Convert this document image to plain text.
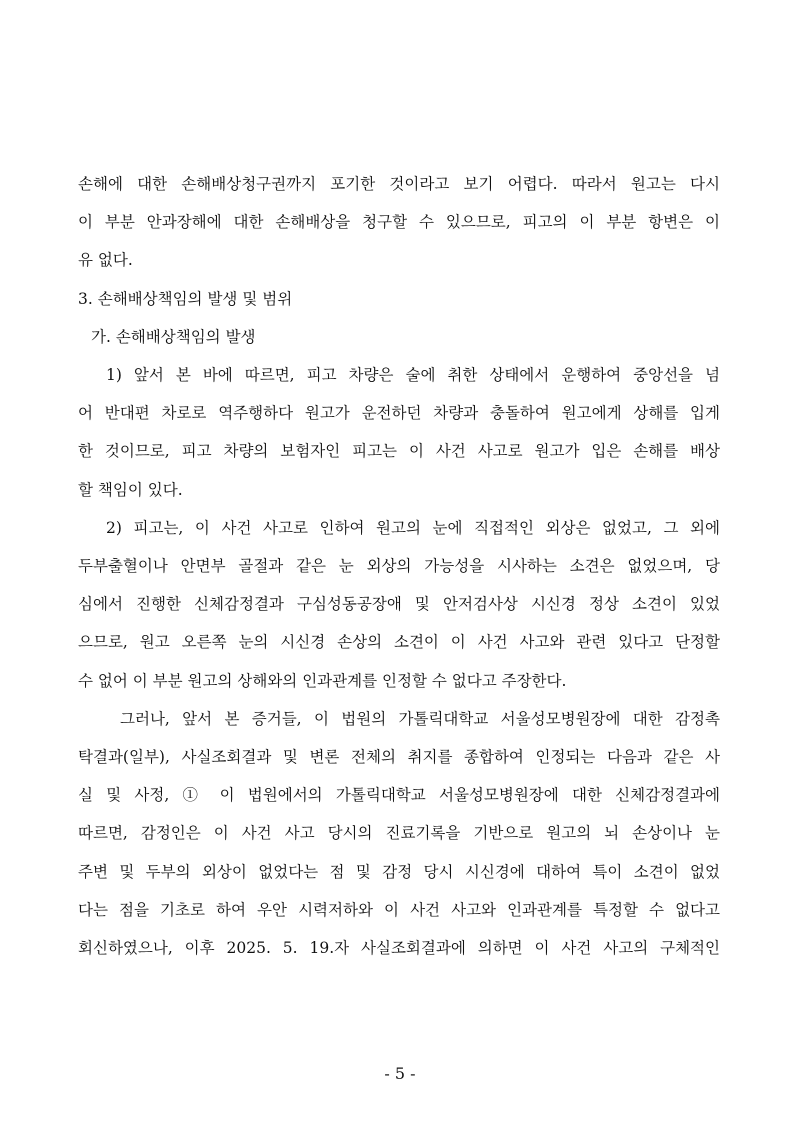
손해에 대한 손해배상청구권까지 포기한 것이라고 보기 어렵다. 따라서 원고는 다시
이 부분 안과장해에 대한 손해배상을 청구할 수 있으므로, 피고의 이 부분 항변은 이
유 없다.
3. 손해배상책임의 발생 및 범위
가. 손해배상책임의 발생
1) 앞서 본 바에 따르면, 피고 차량은 술에 취한 상태에서 운행하여 중앙선을 넘
어 반대편 차로로 역주행하다 원고가 운전하던 차량과 충돌하여 원고에게 상해를 입게
한 것이므로, 피고 차량의 보험자인 피고는 이 사건 사고로 원고가 입은 손해를 배상
할 책임이 있다.
2) 피고는, 이 사건 사고로 인하여 원고의 눈에 직접적인 외상은 없었고, 그 외에
두부출혈이나 안면부 골절과 같은 눈 외상의 가능성을 시사하는 소견은 없었으며, 당
심에서 진행한 신체감정결과 구심성동공장애 및 안저검사상 시신경 정상 소견이 있었
으므로, 원고 오른쪽 눈의 시신경 손상의 소견이 이 사건 사고와 관련 있다고 단정할
수 없어 이 부분 원고의 상해와의 인과관계를 인정할 수 없다고 주장한다.
그러나, 앞서 본 증거들, 이 법원의 가톨릭대학교 서울성모병원장에 대한 감정촉
탁결과(일부), 사실조회결과 및 변론 전체의 취지를 종합하여 인정되는 다음과 같은 사
실 및 사정, ① 이 법원에서의 가톨릭대학교 서울성모병원장에 대한 신체감정결과에
따르면, 감정인은 이 사건 사고 당시의 진료기록을 기반으로 원고의 뇌 손상이나 눈
주변 및 두부의 외상이 없었다는 점 및 감정 당시 시신경에 대하여 특이 소견이 없었
다는 점을 기초로 하여 우안 시력저하와 이 사건 사고와 인과관계를 특정할 수 없다고
회신하였으나, 이후 2025. 5. 19.자 사실조회결과에 의하면 이 사건 사고의 구체적인
- 5 -
